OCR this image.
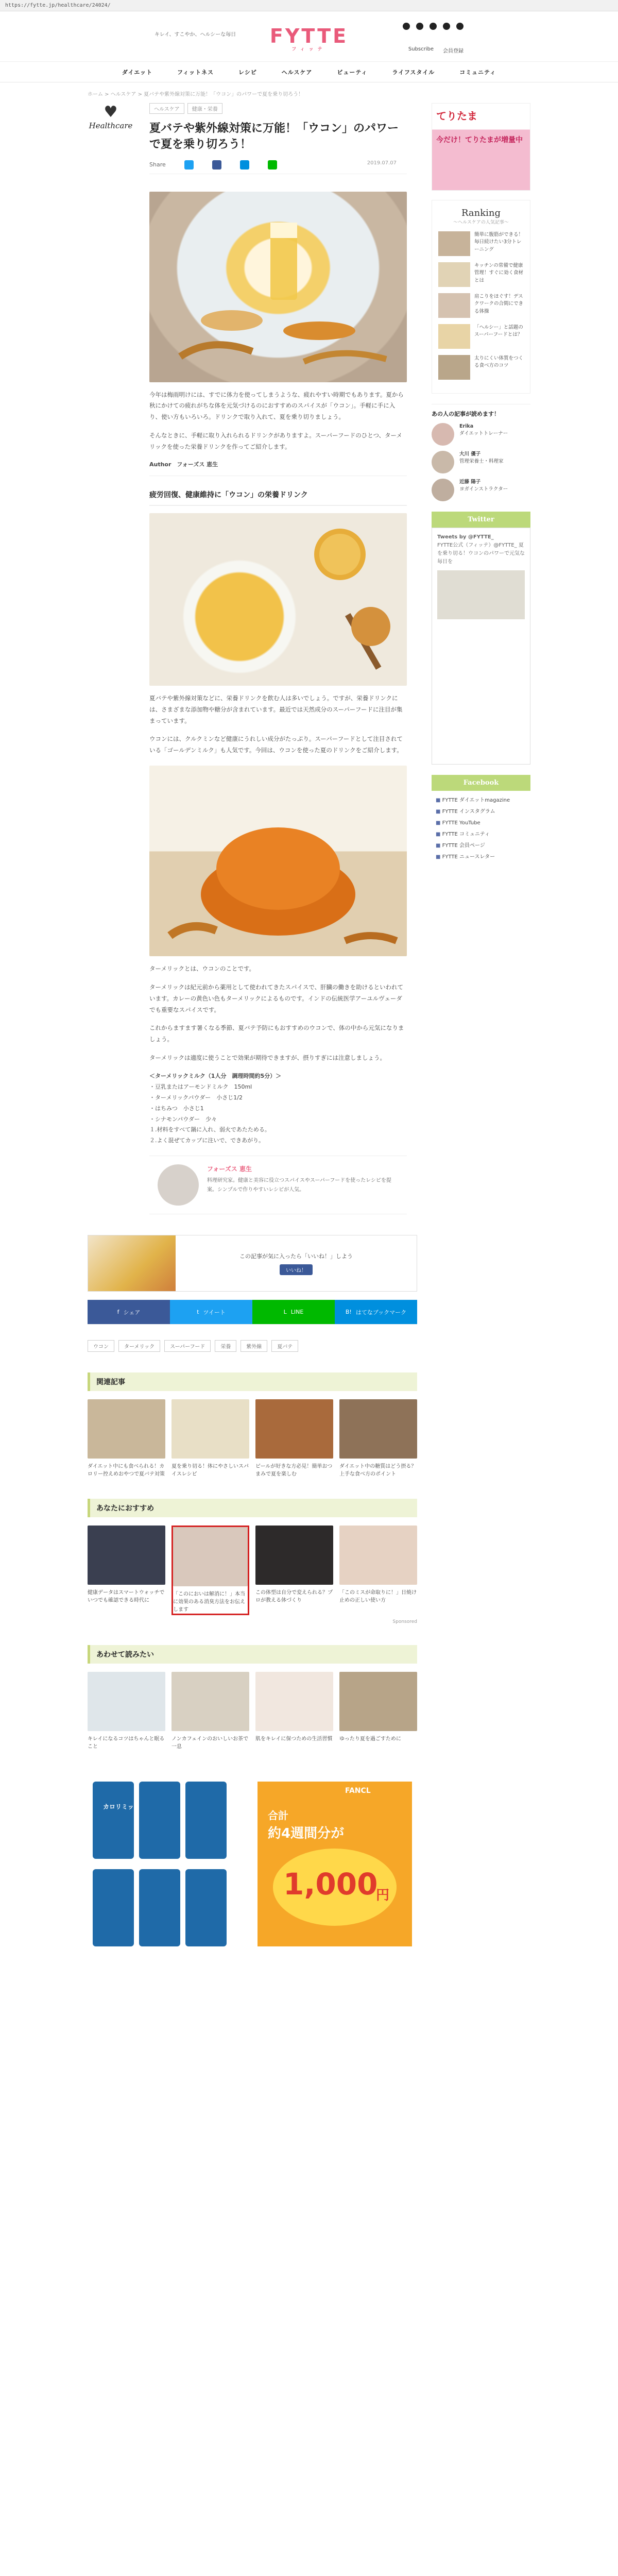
https://fytte.jp/healthcare/24024/
キレイ、すこやか、ヘルシーな毎日	FYTTE
フィッテ	Subscribe 会員登録
ダイエット	フィットネス	レシピ	ヘルスケア	ビューティ	ライフスタイル	コミュニティ
ホーム > ヘルスケア > 夏バテや紫外線対策に万能！「ウコン」のパワーで夏を乗り切ろう！
♥
Healthcare
ヘルスケア	健康・栄養
夏バテや紫外線対策に万能！「ウコン」のパワーで夏を乗り切ろう！
Share	2019.07.07

今年は梅雨明けには、すでに体力を使ってしまうような、疲れやすい時期でもあります。夏から秋にかけての疲れがちな体を元気づけるのにおすすめのスパイスが「ウコン」。手軽に手に入り、使い方もいろいろ。ドリンクで取り入れて、夏を乗り切りましょう。

そんなときに、手軽に取り入れられるドリンクがありますよ。スーパーフードのひとつ、ターメリックを使った栄養ドリンクを作ってご紹介します。

Author　フォーズス 恵生
疲労回復、健康維持に「ウコン」の栄養ドリンク

夏バテや紫外線対策などに、栄養ドリンクを飲む人は多いでしょう。ですが、栄養ドリンクには、さまざまな添加物や糖分が含まれています。最近では天然成分のスーパーフードに注目が集まっています。

ウコンには、クルクミンなど健康にうれしい成分がたっぷり。スーパーフードとして注目されている「ゴールデンミルク」も人気です。今回は、ウコンを使った夏のドリンクをご紹介します。

ターメリックとは、ウコンのことです。

ターメリックは紀元前から薬用として使われてきたスパイスで、肝臓の働きを助けるといわれています。カレーの黄色い色もターメリックによるものです。インドの伝統医学アーユルヴェーダでも重要なスパイスです。

これからますます暑くなる季節、夏バテ予防にもおすすめのウコンで、体の中から元気になりましょう。

ターメリックは適度に使うことで効果が期待できますが、摂りすぎには注意しましょう。

＜ターメリックミルク（1人分　調理時間約5分）＞
・豆乳またはアーモンドミルク　150ml
・ターメリックパウダー　小さじ1/2
・はちみつ　小さじ1
・シナモンパウダー　少々
１.材料をすべて鍋に入れ、弱火であたためる。
２.よく混ぜてカップに注いで、できあがり。
フォーズス 恵生
料理研究家。健康と美容に役立つスパイスやスーパーフードを使ったレシピを提案。シンプルで作りやすいレシピが人気。
この記事が気に入ったら「いいね！」しよう
いいね！
f シェア	t ツイート	L LINE	B! はてなブックマーク
ウコン	ターメリック	スーパーフード	栄養	紫外線	夏バテ
関連記事
ダイエット中にも食べられる！カロリー控えめおやつで夏バテ対策
夏を乗り切る！体にやさしいスパイスレシピ
ビールが好きな方必見！簡単おつまみで夏を楽しむ
ダイエット中の糖質はどう摂る？上手な食べ方のポイント
あなたにおすすめ
健康データはスマートウォッチでいつでも確認できる時代に
「このにおいは解消に！」本当に効果のある消臭方法をお伝えします
この体型は自分で変えられる？プロが教える体づくり
「このミスが命取りに！」日焼け止めの正しい使い方
Sponsored
あわせて読みたい
キレイになるコツはちゃんと眠ること
ノンカフェインのおいしいお茶で一息
肌をキレイに保つための生活習慣 ゆったり夏を過ごすために
カロリミット
FANCL
合計
約4週間分が
1,000
円
てりたま
今だけ！てりたまが増量中
Ranking
〜ヘルスケアの人気記事〜
簡単に腹筋ができる！毎日続けたい3分トレーニング
キッチンの常備で健康管理！すぐに効く食材とは
肩こりをほぐす！デスクワークの合間にできる体操
「ヘルシー」と話題のスーパーフードとは？
太りにくい体質をつくる食べ方のコツ
あの人の記事が読めます！
Erika
ダイエットトレーナー
大川 優子
管理栄養士・料理家
近藤 陽子
ヨガインストラクター
Twitter
Tweets by @FYTTE_
FYTTE公式（フィッテ）@FYTTE_ 夏を乗り切る！ウコンのパワーで元気な毎日を
Facebook
■ FYTTE ダイエットmagazine
■ FYTTE インスタグラム
■ FYTTE YouTube
■ FYTTE コミュニティ
■ FYTTE 会員ページ
■ FYTTE ニュースレター
